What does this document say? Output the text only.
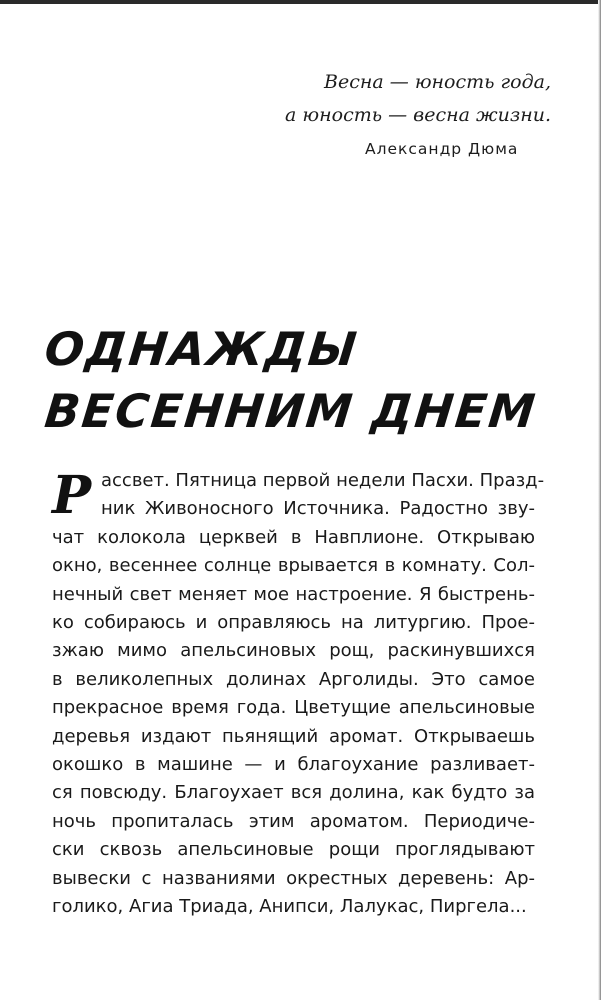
Весна — юность года,
а юность — весна жизни.
Александр Дюма
ОДНАЖДЫ
ВЕСЕННИМ ДНЕМ
Р ассвет. Пятница первой недели Пасхи. Празд-
ник Живоносного Источника. Радостно зву-
чат колокола церквей в Навплионе. Открываю
окно, весеннее солнце врывается в комнату. Сол-
нечный свет меняет мое настроение. Я быстрень-
ко собираюсь и оправляюсь на литургию. Прое-
зжаю мимо апельсиновых рощ, раскинувшихся
в великолепных долинах Арголиды. Это самое
прекрасное время года. Цветущие апельсиновые
деревья издают пьянящий аромат. Открываешь
окошко в машине — и благоухание разливает-
ся повсюду. Благоухает вся долина, как будто за
ночь пропиталась этим ароматом. Периодиче-
ски сквозь апельсиновые рощи проглядывают
вывески с названиями окрестных деревень: Ар-
голико, Агиа Триада, Анипси, Лалукас, Пиргела...
